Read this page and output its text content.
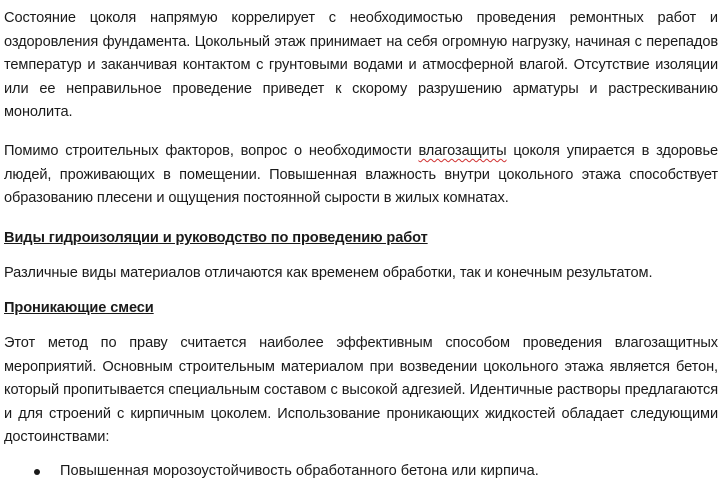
Состояние цоколя напрямую коррелирует с необходимостью проведения ремонтных работ и оздоровления фундамента. Цокольный этаж принимает на себя огромную нагрузку, начиная с перепадов температур и заканчивая контактом с грунтовыми водами и атмосферной влагой. Отсутствие изоляции или ее неправильное проведение приведет к скорому разрушению арматуры и растрескиванию монолита.

Помимо строительных факторов, вопрос о необходимости влагозащиты цоколя упирается в здоровье людей, проживающих в помещении. Повышенная влажность внутри цокольного этажа способствует образованию плесени и ощущения постоянной сырости в жилых комнатах.

Виды гидроизоляции и руководство по проведению работ

Различные виды материалов отличаются как временем обработки, так и конечным результатом.

Проникающие смеси

Этот метод по праву считается наиболее эффективным способом проведения влагозащитных мероприятий. Основным строительным материалом при возведении цокольного этажа является бетон, который пропитывается специальным составом с высокой адгезией. Идентичные растворы предлагаются и для строений с кирпичным цоколем. Использование проникающих жидкостей обладает следующими достоинствами:

Повышенная морозоустойчивость обработанного бетона или кирпича.
